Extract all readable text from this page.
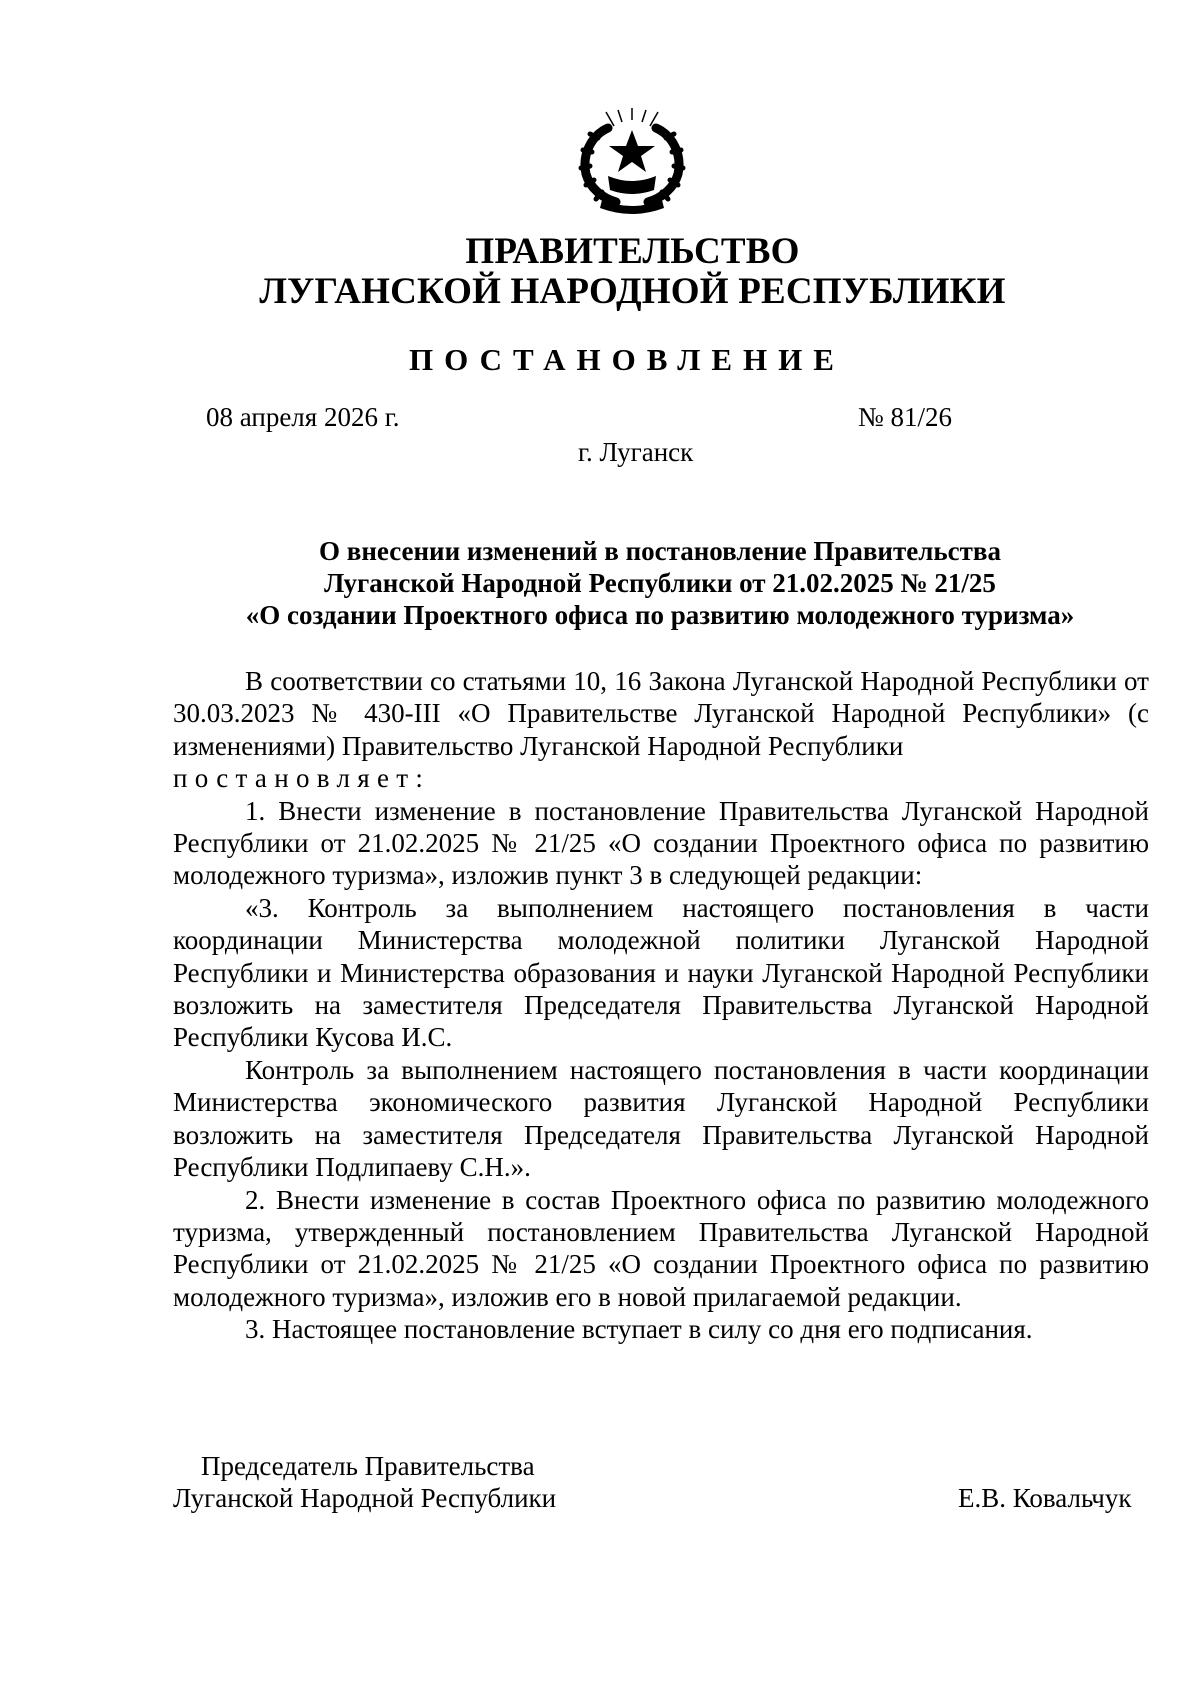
ПРАВИТЕЛЬСТВО
ЛУГАНСКОЙ НАРОДНОЙ РЕСПУБЛИКИ
ПОСТАНОВЛЕНИЕ
08 апреля 2026 г.	№ 81/26
г. Луганск
О внесении изменений в постановление Правительства
Луганской Народной Республики от 21.02.2025 № 21/25
«О создании Проектного офиса по развитию молодежного туризма»

В соответствии со статьями 10, 16 Закона Луганской Народной Республики от 30.03.2023 № 430-III «О Правительстве Луганской Народной Республики» (с изменениями) Правительство Луганской Народной Республики

постановляет:

1. Внести изменение в постановление Правительства Луганской Народной Республики от 21.02.2025 № 21/25 «О создании Проектного офиса по развитию молодежного туризма», изложив пункт 3 в следующей редакции:

«3. Контроль за выполнением настоящего постановления в части координации Министерства молодежной политики Луганской Народной Республики и Министерства образования и науки Луганской Народной Республики возложить на заместителя Председателя Правительства Луганской Народной Республики Кусова И.С.

Контроль за выполнением настоящего постановления в части координации Министерства экономического развития Луганской Народной Республики возложить на заместителя Председателя Правительства Луганской Народной Республики Подлипаеву С.Н.».

2. Внести изменение в состав Проектного офиса по развитию молодежного туризма, утвержденный постановлением Правительства Луганской Народной Республики от 21.02.2025 № 21/25 «О создании Проектного офиса по развитию молодежного туризма», изложив его в новой прилагаемой редакции.

3. Настоящее постановление вступает в силу со дня его подписания.

Председатель Правительства
Луганской Народной Республики	Е.В. Ковальчук
